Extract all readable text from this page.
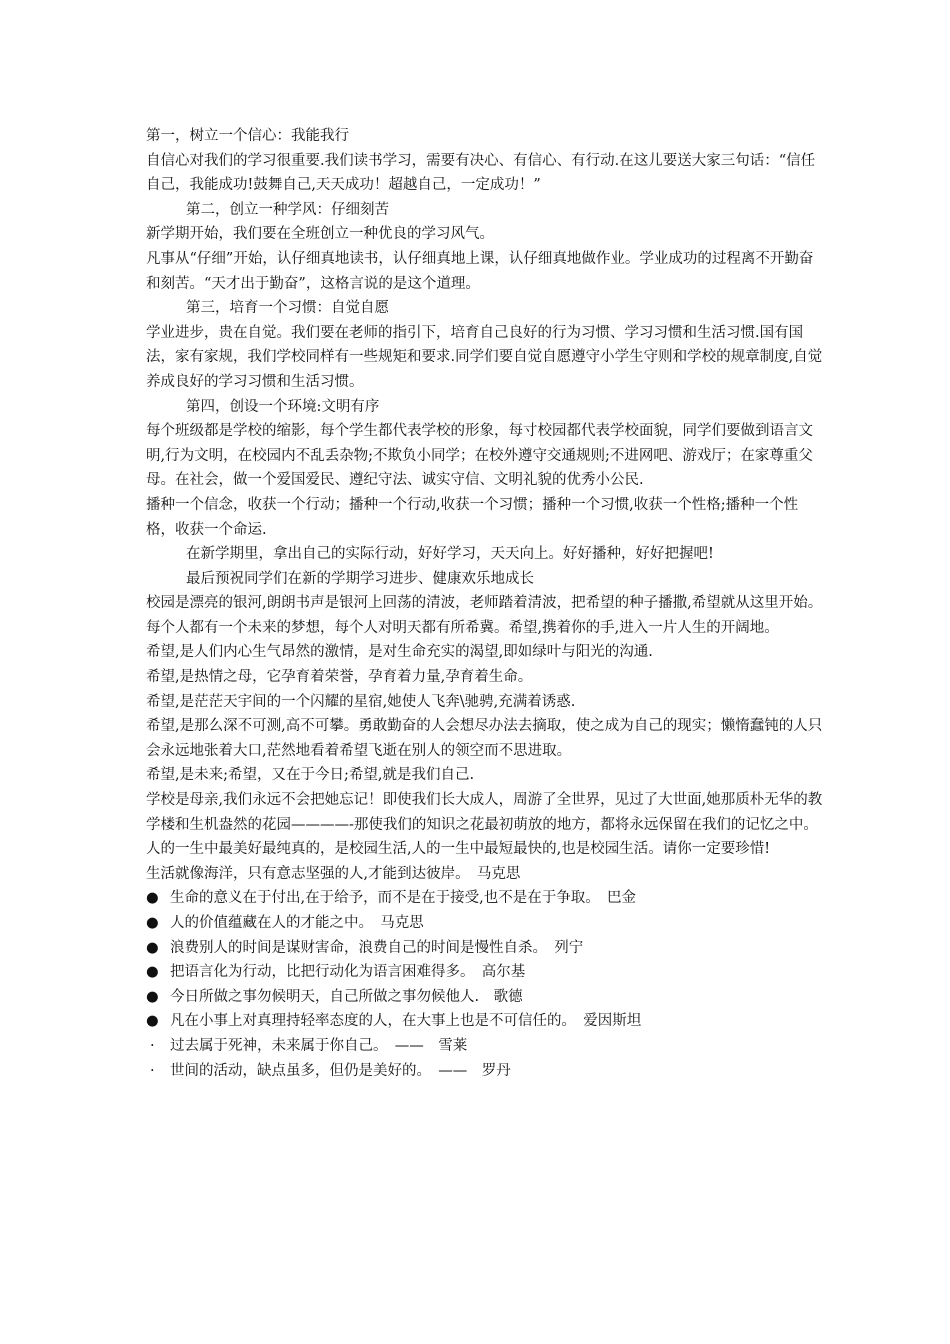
第一，树立一个信心：我能我行

自信心对我们的学习很重要.我们读书学习，需要有决心、有信心、有行动.在这儿要送大家三句话：“信任自己，我能成功!鼓舞自己,天天成功！超越自己，一定成功！”

第二，创立一种学风：仔细刻苦

新学期开始，我们要在全班创立一种优良的学习风气。

凡事从“仔细”开始，认仔细真地读书，认仔细真地上课，认仔细真地做作业。学业成功的过程离不开勤奋和刻苦。“天才出于勤奋”，这格言说的是这个道理。

第三，培育一个习惯：自觉自愿

学业进步，贵在自觉。我们要在老师的指引下，培育自己良好的行为习惯、学习习惯和生活习惯.国有国法，家有家规，我们学校同样有一些规矩和要求.同学们要自觉自愿遵守小学生守则和学校的规章制度,自觉养成良好的学习习惯和生活习惯。

第四，创设一个环境:文明有序

每个班级都是学校的缩影，每个学生都代表学校的形象，每寸校园都代表学校面貌，同学们要做到语言文明,行为文明，在校园内不乱丢杂物;不欺负小同学；在校外遵守交通规则;不进网吧、游戏厅；在家尊重父母。在社会，做一个爱国爱民、遵纪守法、诚实守信、文明礼貌的优秀小公民.

播种一个信念，收获一个行动；播种一个行动,收获一个习惯；播种一个习惯,收获一个性格;播种一个性格，收获一个命运.

在新学期里，拿出自己的实际行动，好好学习，天天向上。好好播种，好好把握吧!

最后预祝同学们在新的学期学习进步、健康欢乐地成长

校园是漂亮的银河,朗朗书声是银河上回荡的清波，老师踏着清波，把希望的种子播撒,希望就从这里开始。

每个人都有一个未来的梦想，每个人对明天都有所希冀。希望,携着你的手,进入一片人生的开阔地。

希望,是人们内心生气昂然的激情，是对生命充实的渴望,即如绿叶与阳光的沟通.

希望,是热情之母，它孕育着荣誉，孕育着力量,孕育着生命。

希望,是茫茫天宇间的一个闪耀的星宿,她使人飞奔\驰骋,充满着诱惑.

希望,是那么深不可测,高不可攀。勇敢勤奋的人会想尽办法去摘取，使之成为自己的现实；懒惰蠢钝的人只会永远地张着大口,茫然地看着希望飞逝在别人的领空而不思进取。

希望,是未来;希望，又在于今日;希望,就是我们自己.

学校是母亲,我们永远不会把她忘记！即使我们长大成人，周游了全世界，见过了大世面,她那质朴无华的教学楼和生机盎然的花园————-那使我们的知识之花最初萌放的地方，都将永远保留在我们的记忆之中。

人的一生中最美好最纯真的，是校园生活,人的一生中最短最快的,也是校园生活。请你一定要珍惜!

生活就像海洋，只有意志坚强的人,才能到达彼岸。　马克思

● 生命的意义在于付出,在于给予，而不是在于接受,也不是在于争取。　巴金
● 人的价值蕴藏在人的才能之中。　马克思
● 浪费别人的时间是谋财害命，浪费自己的时间是慢性自杀。　列宁
● 把语言化为行动，比把行动化为语言困难得多。　高尔基
● 今日所做之事勿候明天，自己所做之事勿候他人.　歌德
● 凡在小事上对真理持轻率态度的人，在大事上也是不可信任的。　爱因斯坦
·	过去属于死神，未来属于你自己。　——　雪莱
·	世间的活动，缺点虽多，但仍是美好的。　——　罗丹
